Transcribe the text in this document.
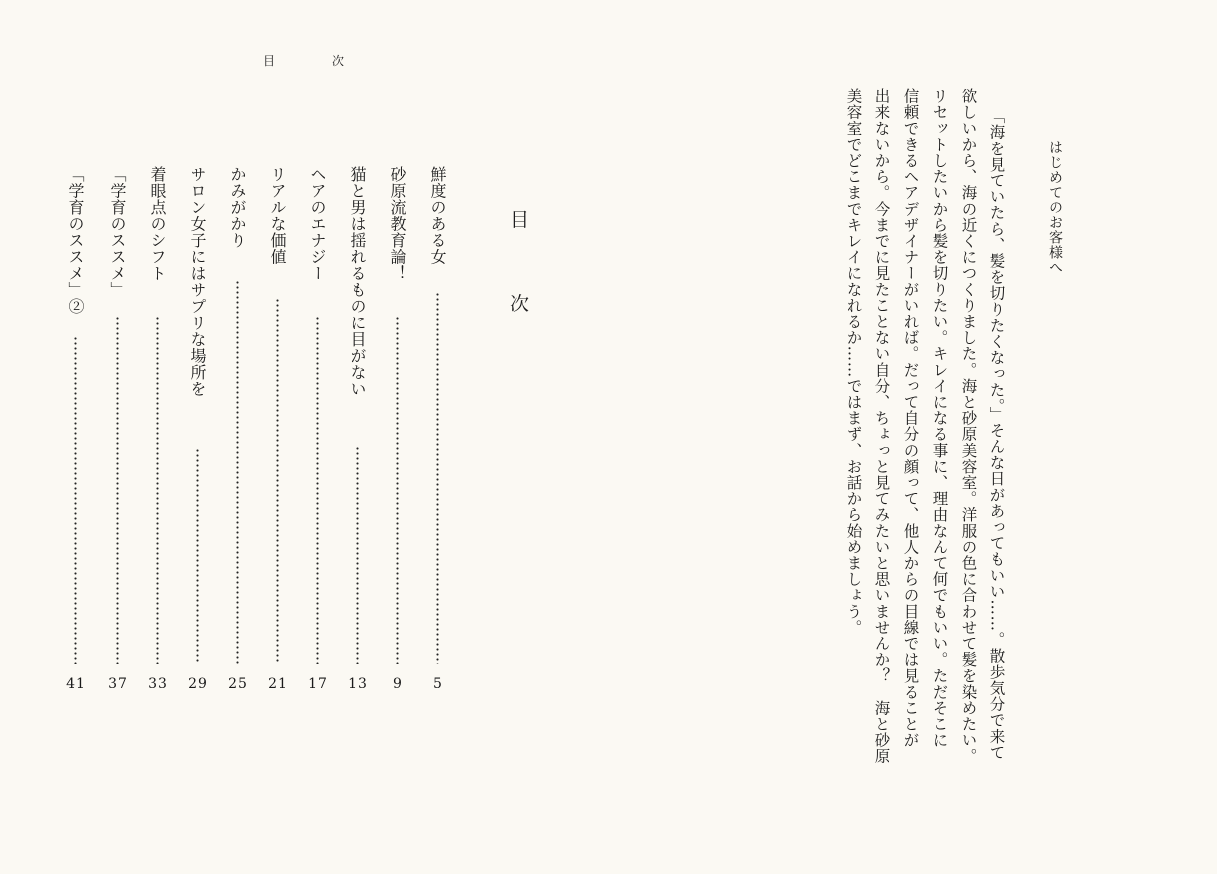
目	次
目
次
鮮度のある女
5
砂原流教育論！
9
猫と男は揺れるものに目がない
13
ヘアのエナジー
17
リアルな価値
21
かみがかり
25
サロン女子にはサプリな場所を
29
着眼点のシフト
33
「学育のススメ」
37
「学育のススメ」②
41
はじめてのお客様へ
「海を見ていたら、髪を切りたくなった。」そんな日があってもいい……。散歩気分で来て
欲しいから、海の近くにつくりました。海と砂原美容室。洋服の色に合わせて髪を染めたい。
リセットしたいから髪を切りたい。キレイになる事に、理由なんて何でもいい。ただそこに
信頼できるヘアデザイナーがいれば。だって自分の顔って、他人からの目線では見ることが
出来ないから。今までに見たことない自分、ちょっと見てみたいと思いませんか？　海と砂原
美容室でどこまでキレイになれるか……ではまず、お話から始めましょう。
